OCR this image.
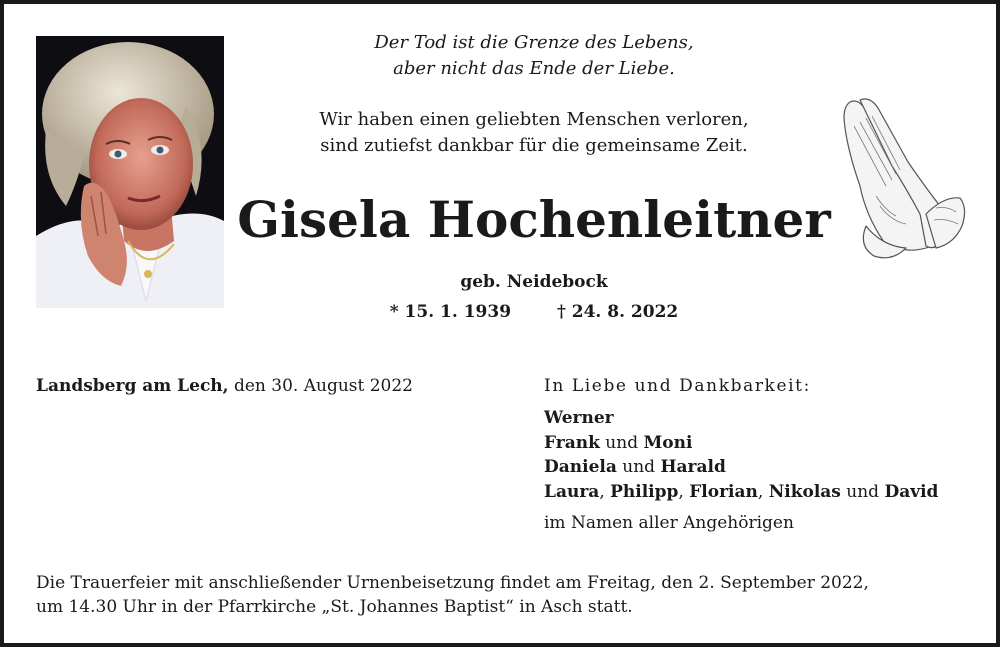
Der Tod ist die Grenze des Lebens,
aber nicht das Ende der Liebe.
Wir haben einen geliebten Menschen verloren,
sind zutiefst dankbar für die gemeinsame Zeit.
Gisela Hochenleitner
geb. Neidebock
* 15. 1. 1939	† 24. 8. 2022
Landsberg am Lech, den 30. August 2022	In Liebe und Dankbarkeit:
Werner
Frank und Moni
Daniela und Harald
Laura, Philipp, Florian, Nikolas und David
im Namen aller Angehörigen
Die Trauerfeier mit anschließender Urnenbeisetzung findet am Freitag, den 2. September 2022,
um 14.30 Uhr in der Pfarrkirche „St. Johannes Baptist“ in Asch statt.
